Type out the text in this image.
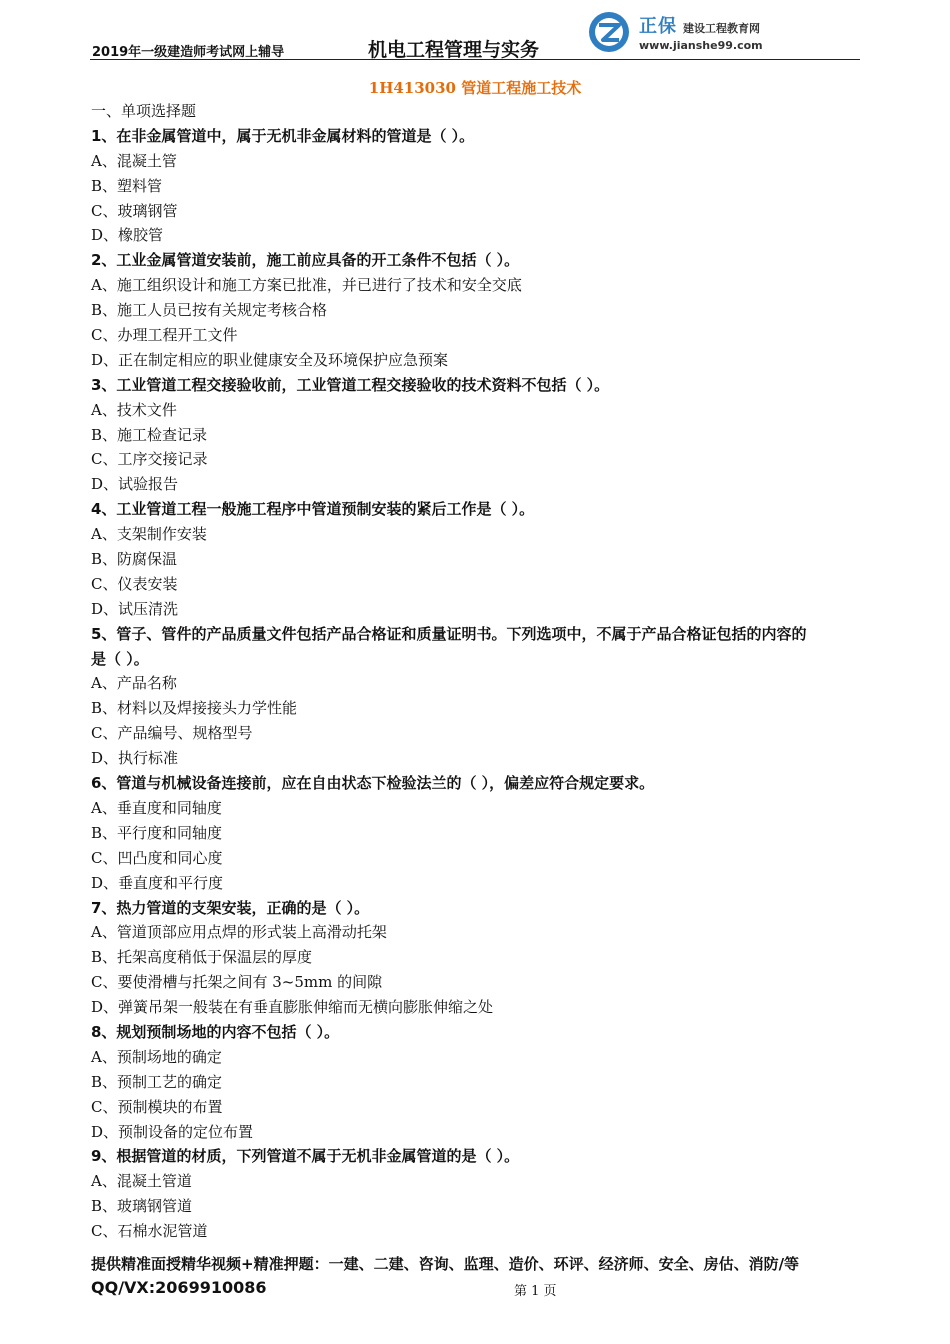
2019年一级建造师考试网上辅导	机电工程管理与实务
正保 建设工程教育网
www.jianshe99.com
1H413030 管道工程施工技术
一、单项选择题
1、在非金属管道中，属于无机非金属材料的管道是（ ）。
A、混凝土管
B、塑料管
C、玻璃钢管
D、橡胶管
2、工业金属管道安装前，施工前应具备的开工条件不包括（ ）。
A、施工组织设计和施工方案已批准，并已进行了技术和安全交底
B、施工人员已按有关规定考核合格
C、办理工程开工文件
D、正在制定相应的职业健康安全及环境保护应急预案
3、工业管道工程交接验收前，工业管道工程交接验收的技术资料不包括（ ）。
A、技术文件
B、施工检查记录
C、工序交接记录
D、试验报告
4、工业管道工程一般施工程序中管道预制安装的紧后工作是（ ）。
A、支架制作安装
B、防腐保温
C、仪表安装
D、试压清洗
5、管子、管件的产品质量文件包括产品合格证和质量证明书。下列选项中，不属于产品合格证包括的内容的
是（ ）。
A、产品名称
B、材料以及焊接接头力学性能
C、产品编号、规格型号
D、执行标准
6、管道与机械设备连接前，应在自由状态下检验法兰的（ ），偏差应符合规定要求。
A、垂直度和同轴度
B、平行度和同轴度
C、凹凸度和同心度
D、垂直度和平行度
7、热力管道的支架安装，正确的是（ ）。
A、管道顶部应用点焊的形式装上高滑动托架
B、托架高度稍低于保温层的厚度
C、要使滑槽与托架之间有 3~5mm 的间隙
D、弹簧吊架一般装在有垂直膨胀伸缩而无横向膨胀伸缩之处
8、规划预制场地的内容不包括（ ）。
A、预制场地的确定
B、预制工艺的确定
C、预制模块的布置
D、预制设备的定位布置
9、根据管道的材质，下列管道不属于无机非金属管道的是（ ）。
A、混凝土管道
B、玻璃钢管道
C、石棉水泥管道
提供精准面授精华视频+精准押题：一建、二建、咨询、监理、造价、环评、经济师、安全、房估、消防/等
QQ/VX:2069910086	第 1 页
